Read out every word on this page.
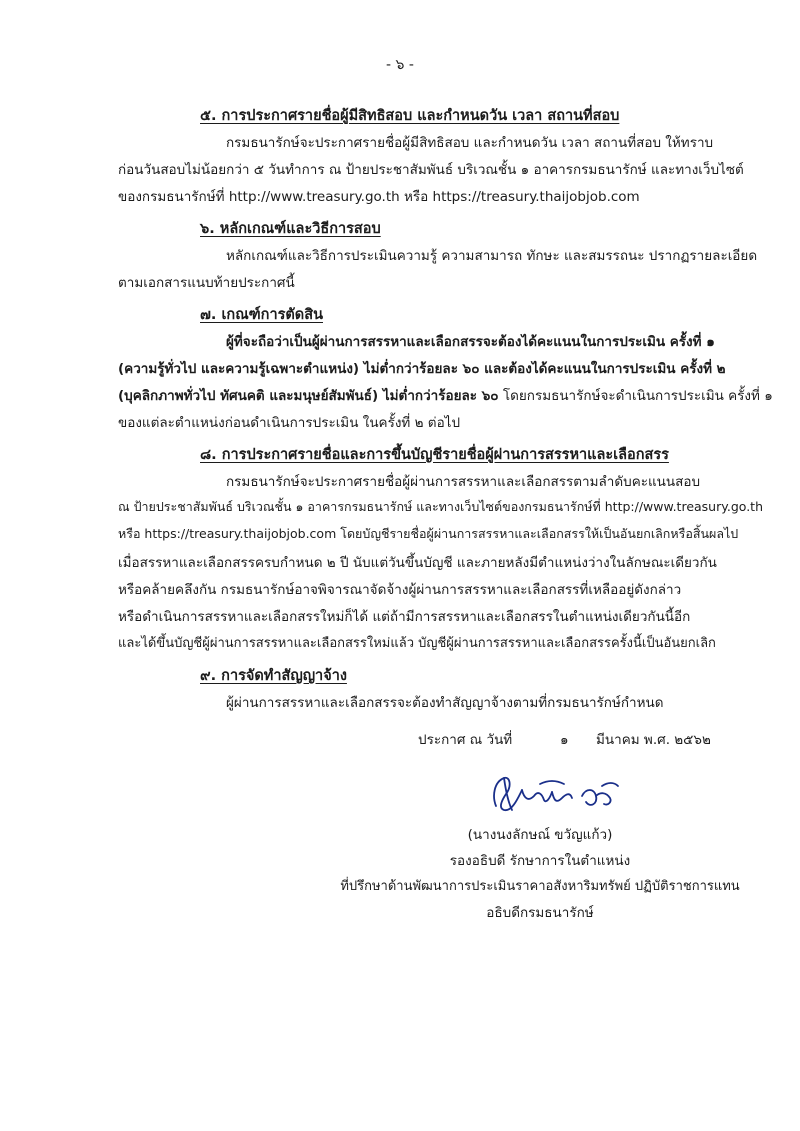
- ๖ -
๕. การประกาศรายชื่อผู้มีสิทธิสอบ และกำหนดวัน เวลา สถานที่สอบ
กรมธนารักษ์จะประกาศรายชื่อผู้มีสิทธิสอบ และกำหนดวัน เวลา สถานที่สอบ ให้ทราบ
ก่อนวันสอบไม่น้อยกว่า ๕ วันทำการ ณ ป้ายประชาสัมพันธ์ บริเวณชั้น ๑ อาคารกรมธนารักษ์ และทางเว็บไซต์
ของกรมธนารักษ์ที่ http://www.treasury.go.th หรือ https://treasury.thaijobjob.com
๖. หลักเกณฑ์และวิธีการสอบ
หลักเกณฑ์และวิธีการประเมินความรู้ ความสามารถ ทักษะ และสมรรถนะ ปรากฏรายละเอียด
ตามเอกสารแนบท้ายประกาศนี้
๗. เกณฑ์การตัดสิน
ผู้ที่จะถือว่าเป็นผู้ผ่านการสรรหาและเลือกสรรจะต้องได้คะแนนในการประเมิน ครั้งที่ ๑
(ความรู้ทั่วไป และความรู้เฉพาะตำแหน่ง) ไม่ต่ำกว่าร้อยละ ๖๐ และต้องได้คะแนนในการประเมิน ครั้งที่ ๒
(บุคลิกภาพทั่วไป ทัศนคติ และมนุษย์สัมพันธ์) ไม่ต่ำกว่าร้อยละ ๖๐ โดยกรมธนารักษ์จะดำเนินการประเมิน ครั้งที่ ๑
ของแต่ละตำแหน่งก่อนดำเนินการประเมิน ในครั้งที่ ๒ ต่อไป
๘. การประกาศรายชื่อและการขึ้นบัญชีรายชื่อผู้ผ่านการสรรหาและเลือกสรร
กรมธนารักษ์จะประกาศรายชื่อผู้ผ่านการสรรหาและเลือกสรรตามลำดับคะแนนสอบ
ณ ป้ายประชาสัมพันธ์ บริเวณชั้น ๑ อาคารกรมธนารักษ์ และทางเว็บไซต์ของกรมธนารักษ์ที่ http://www.treasury.go.th
หรือ https://treasury.thaijobjob.com โดยบัญชีรายชื่อผู้ผ่านการสรรหาและเลือกสรรให้เป็นอันยกเลิกหรือสิ้นผลไป
เมื่อสรรหาและเลือกสรรครบกำหนด ๒ ปี นับแต่วันขึ้นบัญชี และภายหลังมีตำแหน่งว่างในลักษณะเดียวกัน
หรือคล้ายคลึงกัน กรมธนารักษ์อาจพิจารณาจัดจ้างผู้ผ่านการสรรหาและเลือกสรรที่เหลืออยู่ดังกล่าว
หรือดำเนินการสรรหาและเลือกสรรใหม่ก็ได้ แต่ถ้ามีการสรรหาและเลือกสรรในตำแหน่งเดียวกันนี้อีก
และได้ขึ้นบัญชีผู้ผ่านการสรรหาและเลือกสรรใหม่แล้ว บัญชีผู้ผ่านการสรรหาและเลือกสรรครั้งนี้เป็นอันยกเลิก
๙. การจัดทำสัญญาจ้าง
ผู้ผ่านการสรรหาและเลือกสรรจะต้องทำสัญญาจ้างตามที่กรมธนารักษ์กำหนด
ประกาศ ณ วันที่	๑ มีนาคม พ.ศ. ๒๕๖๒
(นางนงลักษณ์ ขวัญแก้ว)
รองอธิบดี รักษาการในตำแหน่ง
ที่ปรึกษาด้านพัฒนาการประเมินราคาอสังหาริมทรัพย์ ปฏิบัติราชการแทน
อธิบดีกรมธนารักษ์
